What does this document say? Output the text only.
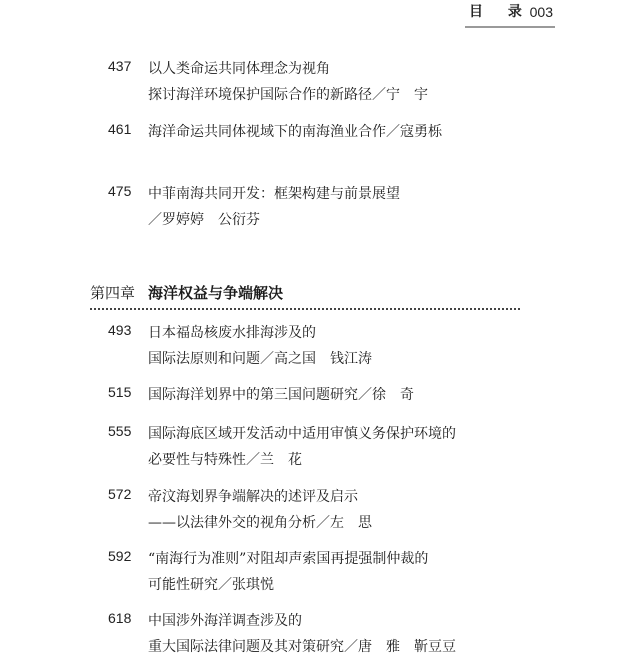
目 录
003
437	以人类命运共同体理念为视角
探讨海洋环境保护国际合作的新路径／宁　宇
461	海洋命运共同体视域下的南海渔业合作／寇勇栎
475	中菲南海共同开发：框架构建与前景展望
／罗婷婷　公衍芬
第四章 海洋权益与争端解决
493	日本福岛核废水排海涉及的
国际法原则和问题／高之国　钱江涛
515	国际海洋划界中的第三国问题研究／徐　奇
555	国际海底区域开发活动中适用审慎义务保护环境的
必要性与特殊性／兰　花
572	帝汶海划界争端解决的述评及启示
——以法律外交的视角分析／左　思
592	“南海行为准则”对阻却声索国再提强制仲裁的
可能性研究／张琪悦
618	中国涉外海洋调查涉及的
重大国际法律问题及其对策研究／唐　雅　靳豆豆
